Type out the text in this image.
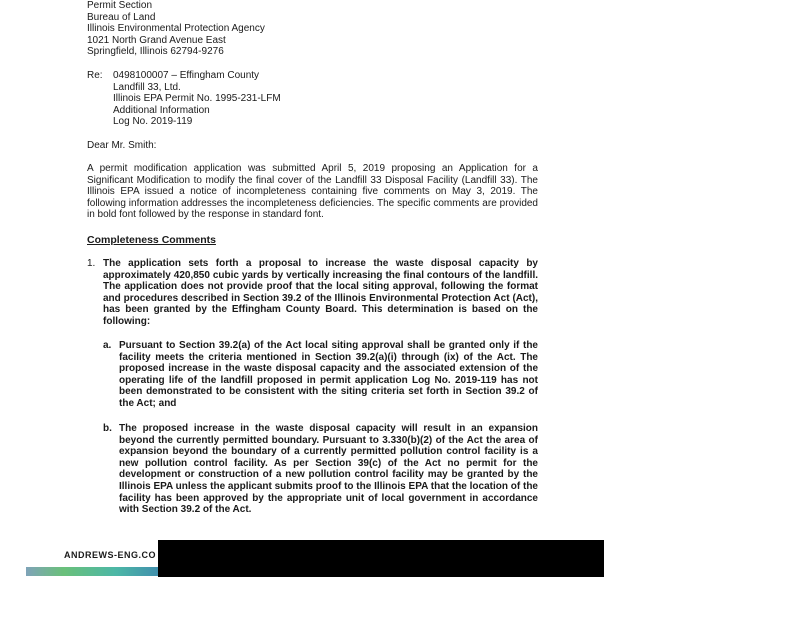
Permit Section
Bureau of Land
Illinois Environmental Protection Agency
1021 North Grand Avenue East
Springfield, Illinois 62794-9276
Re: 0498100007 – Effingham County
Landfill 33, Ltd.
Illinois EPA Permit No. 1995-231-LFM
Additional Information
Log No. 2019-119
Dear Mr. Smith:
A permit modification application was submitted April 5, 2019 proposing an Application for a Significant Modification to modify the final cover of the Landfill 33 Disposal Facility (Landfill 33). The Illinois EPA issued a notice of incompleteness containing five comments on May 3, 2019. The following information addresses the incompleteness deficiencies. The specific comments are provided in bold font followed by the response in standard font.
Completeness Comments
1. The application sets forth a proposal to increase the waste disposal capacity by approximately 420,850 cubic yards by vertically increasing the final contours of the landfill. The application does not provide proof that the local siting approval, following the format and procedures described in Section 39.2 of the Illinois Environmental Protection Act (Act), has been granted by the Effingham County Board. This determination is based on the following:
a. Pursuant to Section 39.2(a) of the Act local siting approval shall be granted only if the facility meets the criteria mentioned in Section 39.2(a)(i) through (ix) of the Act. The proposed increase in the waste disposal capacity and the associated extension of the operating life of the landfill proposed in permit application Log No. 2019-119 has not been demonstrated to be consistent with the siting criteria set forth in Section 39.2 of the Act; and
b. The proposed increase in the waste disposal capacity will result in an expansion beyond the currently permitted boundary. Pursuant to 3.330(b)(2) of the Act the area of expansion beyond the boundary of a currently permitted pollution control facility is a new pollution control facility. As per Section 39(c) of the Act no permit for the development or construction of a new pollution control facility may be granted by the Illinois EPA unless the applicant submits proof to the Illinois EPA that the location of the facility has been approved by the appropriate unit of local government in accordance with Section 39.2 of the Act.
ANDREWS-ENG.CO
